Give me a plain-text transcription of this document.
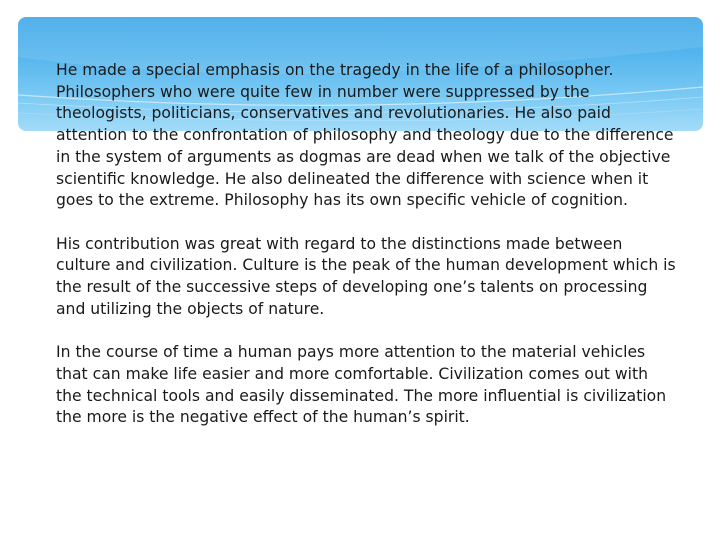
He made a special emphasis on the tragedy in the life of a philosopher. Philosophers who were quite few in number were suppressed by the theologists, politicians, conservatives and revolutionaries. He also paid attention to the confrontation of philosophy and theology due to the difference in the system of arguments as dogmas are dead when we talk of the objective scientific knowledge. He also delineated the difference with science when it goes to the extreme. Philosophy has its own specific vehicle of cognition.

His contribution was great with regard to the distinctions made between culture and civilization. Culture is the peak of the human development which is the result of the successive steps of developing one’s talents on processing and utilizing the objects of nature.

In the course of time a human pays more attention to the material vehicles that can make life easier and more comfortable. Civilization comes out with the technical tools and easily disseminated. The more influential is civilization the more is the negative effect of the human’s spirit.
